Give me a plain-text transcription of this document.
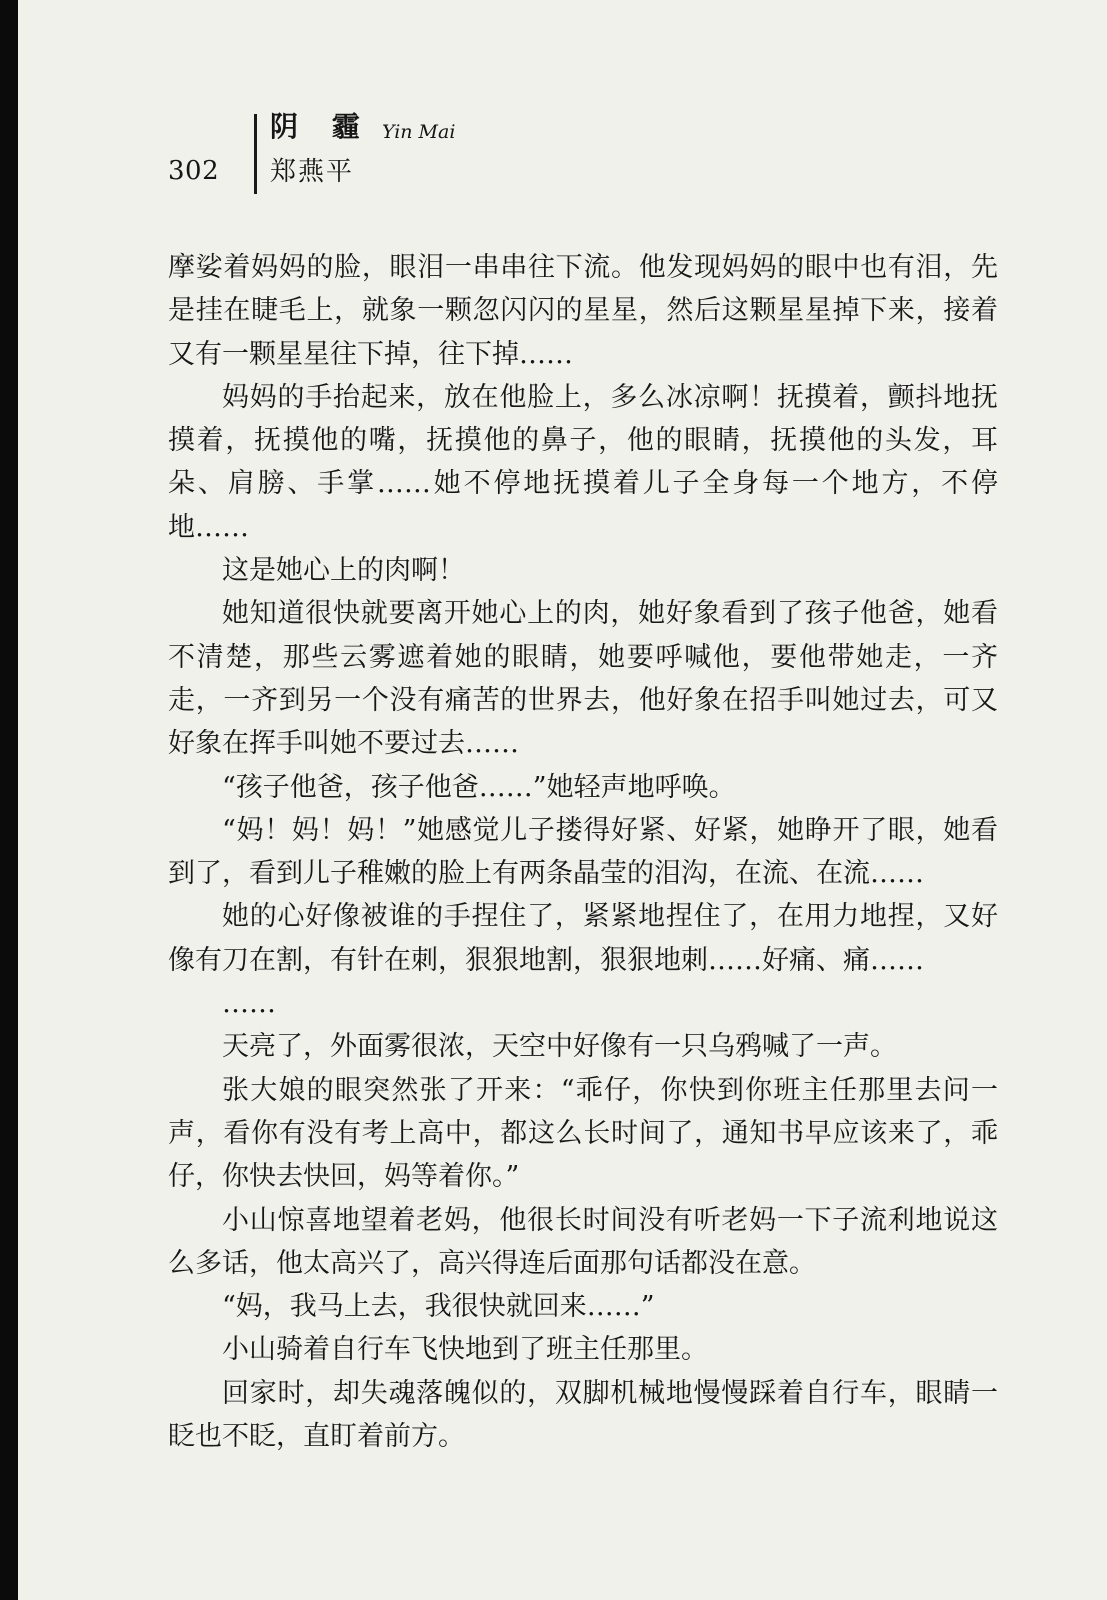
302
阴 霾 Yin Mai
郑燕平

摩娑着妈妈的脸，眼泪一串串往下流。他发现妈妈的眼中也有泪，先是挂在睫毛上，就象一颗忽闪闪的星星，然后这颗星星掉下来，接着又有一颗星星往下掉，往下掉……

妈妈的手抬起来，放在他脸上，多么冰凉啊！抚摸着，颤抖地抚摸着，抚摸他的嘴，抚摸他的鼻子，他的眼睛，抚摸他的头发，耳朵、肩膀、手掌……她不停地抚摸着儿子全身每一个地方，不停地……

这是她心上的肉啊！

她知道很快就要离开她心上的肉，她好象看到了孩子他爸，她看不清楚，那些云雾遮着她的眼睛，她要呼喊他，要他带她走，一齐走，一齐到另一个没有痛苦的世界去，他好象在招手叫她过去，可又好象在挥手叫她不要过去……

“孩子他爸，孩子他爸……”她轻声地呼唤。

“妈！妈！妈！”她感觉儿子搂得好紧、好紧，她睁开了眼，她看到了，看到儿子稚嫩的脸上有两条晶莹的泪沟，在流、在流……

她的心好像被谁的手捏住了，紧紧地捏住了，在用力地捏，又好像有刀在割，有针在刺，狠狠地割，狠狠地刺……好痛、痛……

……

天亮了，外面雾很浓，天空中好像有一只乌鸦喊了一声。

张大娘的眼突然张了开来：“乖仔，你快到你班主任那里去问一声，看你有没有考上高中，都这么长时间了，通知书早应该来了，乖仔，你快去快回，妈等着你。”

小山惊喜地望着老妈，他很长时间没有听老妈一下子流利地说这么多话，他太高兴了，高兴得连后面那句话都没在意。

“妈，我马上去，我很快就回来……”

小山骑着自行车飞快地到了班主任那里。

回家时，却失魂落魄似的，双脚机械地慢慢踩着自行车，眼睛一眨也不眨，直盯着前方。
